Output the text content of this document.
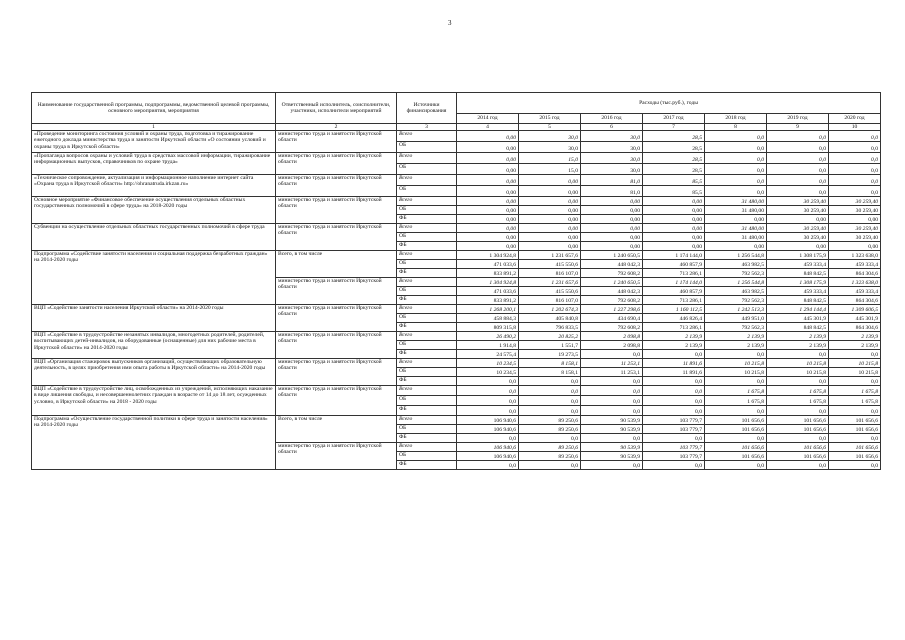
3
Наименование государственной программы, подпрограммы, ведомственной целевой программы, основного мероприятия, мероприятия	Ответственный исполнитель, соисполнители, участники, исполнители мероприятий	Источники финансирования	Расходы (тыс.руб.), годы						
			2014 год	2015 год	2016 год	2017 год	2018 год	2019 год	2020 год
1	2	3	4	5	6	7	8	9	10
«Проведение мониторинга состояния условий и охраны труда, подготовка и тиражирование ежегодного доклада министерства труда и занятости Иркутской области «О состоянии условий и охраны труда в Иркутской области»	министерство труда и занятости Иркутской области	Всего	0,00	30,0	30,0	28,5	0,0	0,0	0,0
		ОБ	0,00	30,0	30,0	28,5	0,0	0,0	0,0
«Пропаганда вопросов охраны и условий труда в средствах массовой информации, тиражирование информационных выпусков, справочников по охране труда»	министерство труда и занятости Иркутской области	Всего	0,00	15,0	30,0	28,5	0,0	0,0	0,0
		ОБ	0,00	15,0	30,0	28,5	0,0	0,0	0,0
«Техническое сопровождение, актуализация и информационное наполнение интернет сайта «Охрана труда в Иркутской области» http://ohranatruda.irkzan.ru»	министерство труда и занятости Иркутской области	Всего	0,00	0,00	81,0	85,5	0,0	0,0	0,0
		ОБ	0,00	0,00	81,0	85,5	0,0	0,0	0,0
Основное мероприятие «Финансовое обеспечение осуществления отдельных областных государственных полномочий в сфере труда» на 2018-2020 годы	министерство труда и занятости Иркутской области	Всего	0,00	0,00	0,00	0,00	31 480,00	30 259,40	30 259,40
		ОБ	0,00	0,00	0,00	0,00	31 480,00	30 259,40	30 259,40
		ФБ	0,00	0,00	0,00	0,00	0,00	0,00	0,00
Субвенции на осуществление отдельных областных государственных полномочий в сфере труда	министерство труда и занятости Иркутской области	Всего	0,00	0,00	0,00	0,00	31 480,00	30 259,40	30 259,40
		ОБ	0,00	0,00	0,00	0,00	31 480,00	30 259,40	30 259,40
		ФБ	0,00	0,00	0,00	0,00	0,00	0,00	0,00
Подпрограмма «Содействие занятости населения и социальная поддержка безработных граждан» на 2014-2020 годы	Всего, в том числе	Всего	1 304 924,8	1 231 657,6	1 240 650,5	1 174 144,0	1 256 544,8	1 308 175,9	1 323 638,0
		ОБ	471 033,6	415 550,6	448 042,3	460 857,9	463 982,5	459 333,4	459 333,4
		ФБ	833 891,2	816 107,0	792 608,2	713 286,1	792 562,3	848 842,5	864 304,6
	министерство труда и занятости Иркутской области	Всего	1 304 924,8	1 231 657,6	1 240 650,5	1 174 144,0	1 256 544,8	1 308 175,9	1 323 638,0
		ОБ	471 033,6	415 550,6	448 042,3	460 857,9	463 982,5	459 333,4	459 333,4
		ФБ	833 891,2	816 107,0	792 608,2	713 286,1	792 562,3	848 842,5	864 304,6
ВЦП «Содействие занятости населения Иркутской области» на 2014-2020 годы	министерство труда и занятости Иркутской области	Всего	1 268 200,1	1 202 674,3	1 227 298,6	1 160 112,5	1 242 513,3	1 294 144,4	1 309 606,5
		ОБ	458 884,3	405 840,8	434 690,4	446 826,4	449 951,0	445 301,9	445 301,9
		ФБ	809 315,8	796 833,5	792 608,2	713 286,1	792 562,3	848 842,5	864 304,6
ВЦП «Содействие в трудоустройстве незанятых инвалидов, многодетных родителей, родителей, воспитывающих детей-инвалидов, на оборудованные (оснащенные) для них рабочие места в Иркутской области» на 2014-2020 годы	министерство труда и занятости Иркутской области	Всего	26 490,2	20 825,2	2 098,8	2 139,9	2 139,9	2 139,9	2 139,9
		ОБ	1 914,8	1 551,7	2 098,8	2 139,9	2 139,9	2 139,9	2 139,9
		ФБ	24 575,4	19 273,5	0,0	0,0	0,0	0,0	0,0
ВЦП «Организация стажировок выпускников организаций, осуществляющих образовательную деятельность, в целях приобретения ими опыта работы в Иркутской области» на 2014-2020 годы	министерство труда и занятости Иркутской области	Всего	10 234,5	8 158,1	11 253,1	11 891,6	10 215,8	10 215,8	10 215,8
		ОБ	10 234,5	8 158,1	11 253,1	11 891,6	10 215,8	10 215,8	10 215,8
		ФБ	0,0	0,0	0,0	0,0	0,0	0,0	0,0
ВЦП «Содействие в трудоустройстве лиц, освобожденных из учреждений, исполняющих наказание в виде лишения свободы, и несовершеннолетних граждан в возрасте от 14 до 18 лет, осужденных условно, в Иркутской области» на 2018 - 2020 годы	министерство труда и занятости Иркутской области	Всего	0,0	0,0	0,0	0,0	1 675,8	1 675,8	1 675,8
		ОБ	0,0	0,0	0,0	0,0	1 675,8	1 675,8	1 675,8
		ФБ	0,0	0,0	0,0	0,0	0,0	0,0	0,0
Подпрограмма «Осуществление государственной политики в сфере труда и занятости населения» на 2014-2020 годы	Всего, в том числе	Всего	106 940,6	89 250,6	90 539,9	103 779,7	101 656,6	101 656,6	101 656,6
		ОБ	106 940,6	89 250,6	90 539,9	103 779,7	101 656,6	101 656,6	101 656,6
		ФБ	0,0	0,0	0,0	0,0	0,0	0,0	0,0
	министерство труда и занятости Иркутской области	Всего	106 940,6	89 250,6	90 539,9	103 779,7	101 656,6	101 656,6	101 656,6
		ОБ	106 940,6	89 250,6	90 539,9	103 779,7	101 656,6	101 656,6	101 656,6
		ФБ	0,0	0,0	0,0	0,0	0,0	0,0	0,0
